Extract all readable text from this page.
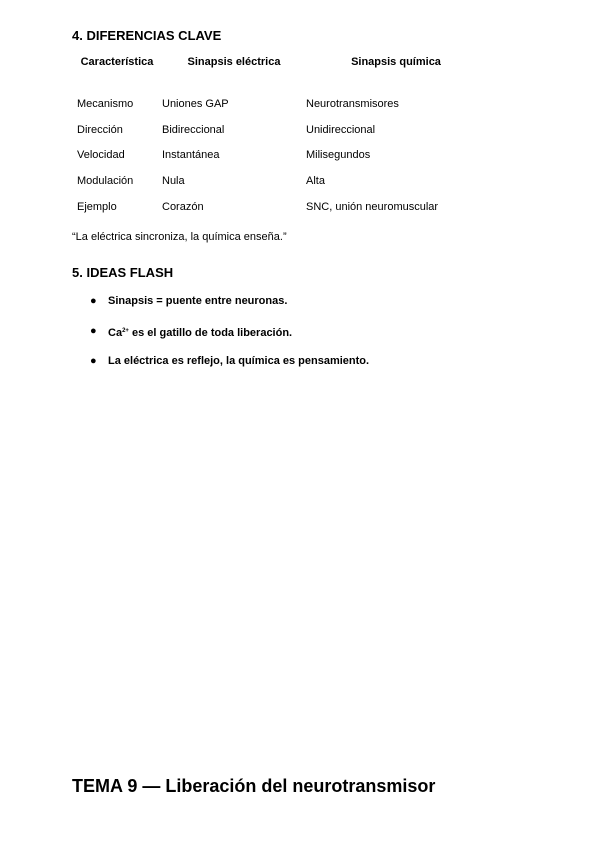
4. DIFERENCIAS CLAVE
Característica	Sinapsis eléctrica	Sinapsis química
Mecanismo	Uniones GAP	Neurotransmisores
Dirección	Bidireccional	Unidireccional
Velocidad	Instantánea	Milisegundos
Modulación	Nula	Alta
Ejemplo	Corazón	SNC, unión neuromuscular

“La eléctrica sincroniza, la química enseña.”

5. IDEAS FLASH
●	Sinapsis = puente entre neuronas.
●	$Ca^{2+}$ es el gatillo de toda liberación.
●	La eléctrica es reflejo, la química es pensamiento.
TEMA 9 — Liberación del neurotransmisor
